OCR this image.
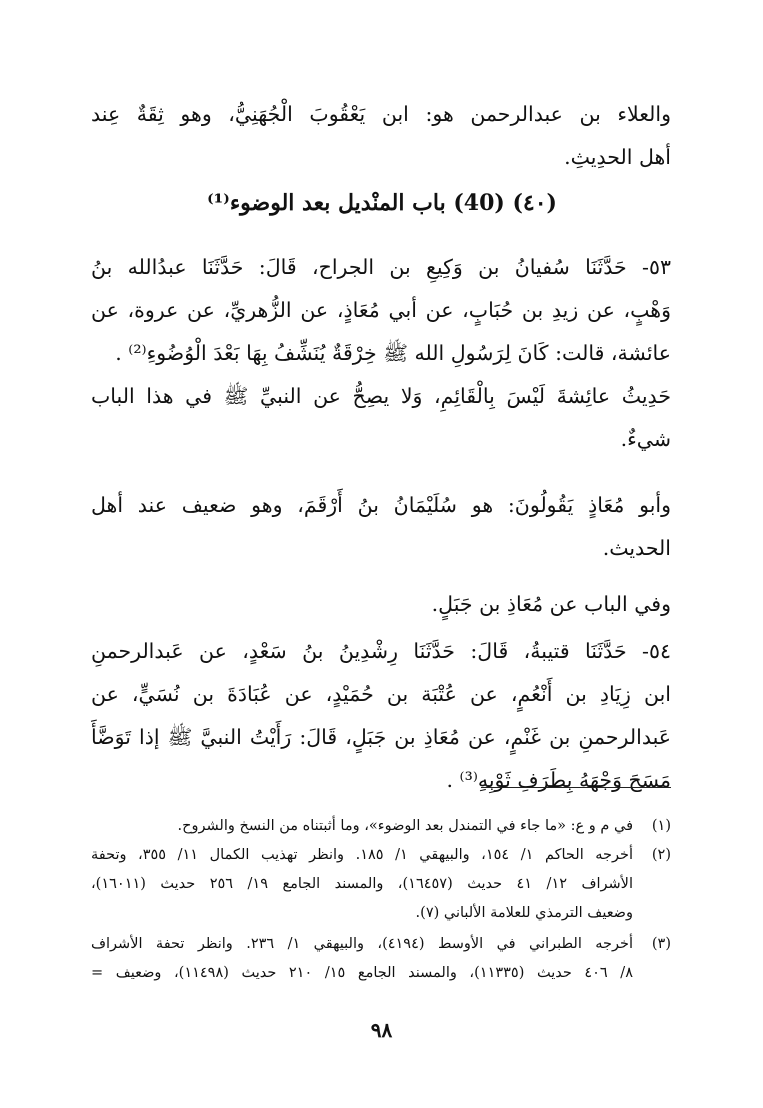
والعلاء بن عبدالرحمن هو: ابن يَعْقُوبَ الْجُهَنِيُّ، وهو ثِقَةٌ عِند
أهل الحدِيثِ.
(٤٠) (40) باب المنْديل بعد الوضوء⁽¹⁾
٥٣- حَدَّثَنَا سُفيانُ بن وَكِيعِ بن الجراح، قَالَ: حَدَّثَنَا عبدُالله بنُ
وَهْبٍ، عن زيدِ بن حُبَابٍ، عن أبي مُعَاذٍ، عن الزُّهريِّ، عن عروة، عن
عائشة، قالت: كَانَ لِرَسُولِ الله ﷺ خِرْقَةٌ يُنَشِّفُ بِهَا بَعْدَ الْوُضُوءِ⁽²⁾ .
حَدِيثُ عائِشةَ لَيْسَ بِالْقَائِمِ، وَلا يصِحُّ عن النبيِّ ﷺ في هذا الباب
شيءٌ.
وأبو مُعَاذٍ يَقُولُونَ: هو سُلَيْمَانُ بنُ أَرْقَمَ، وهو ضعيف عند أهل
الحديث.
وفي الباب عن مُعَاذِ بن جَبَلٍ.
٥٤- حَدَّثَنَا قتيبةُ، قَالَ: حَدَّثَنَا رِشْدِينُ بنُ سَعْدٍ، عن عَبدالرحمنِ
ابن زِيَادِ بن أَنْعُمٍ، عن عُتْبَة بن حُمَيْدٍ، عن عُبَادَةَ بن نُسَيٍّ، عن
عَبدالرحمنِ بن غَنْمٍ، عن مُعَاذِ بن جَبَلٍ، قَالَ: رَأَيْتُ النبيَّ ﷺ إذا تَوَضَّأَ
مَسَحَ وَجْهَهُ بِطَرَفِ ثَوْبِهِ⁽³⁾ .
(١)
في م و ع: «ما جاء في التمندل بعد الوضوء»، وما أثبتناه من النسخ والشروح.
(٢)
أخرجه الحاكم ١/ ١٥٤، والبيهقي ١/ ١٨٥. وانظر تهذيب الكمال ١١/ ٣٥٥، وتحفة
الأشراف ١٢/ ٤١ حديث (١٦٤٥٧)، والمسند الجامع ١٩/ ٢٥٦ حديث (١٦٠١١)،
وضعيف الترمذي للعلامة الألباني (٧).
(٣)
أخرجه الطبراني في الأوسط (٤١٩٤)، والبيهقي ١/ ٢٣٦. وانظر تحفة الأشراف
٨/ ٤٠٦ حديث (١١٣٣٥)، والمسند الجامع ١٥/ ٢١٠ حديث (١١٤٩٨)، وضعيف =
٩٨
